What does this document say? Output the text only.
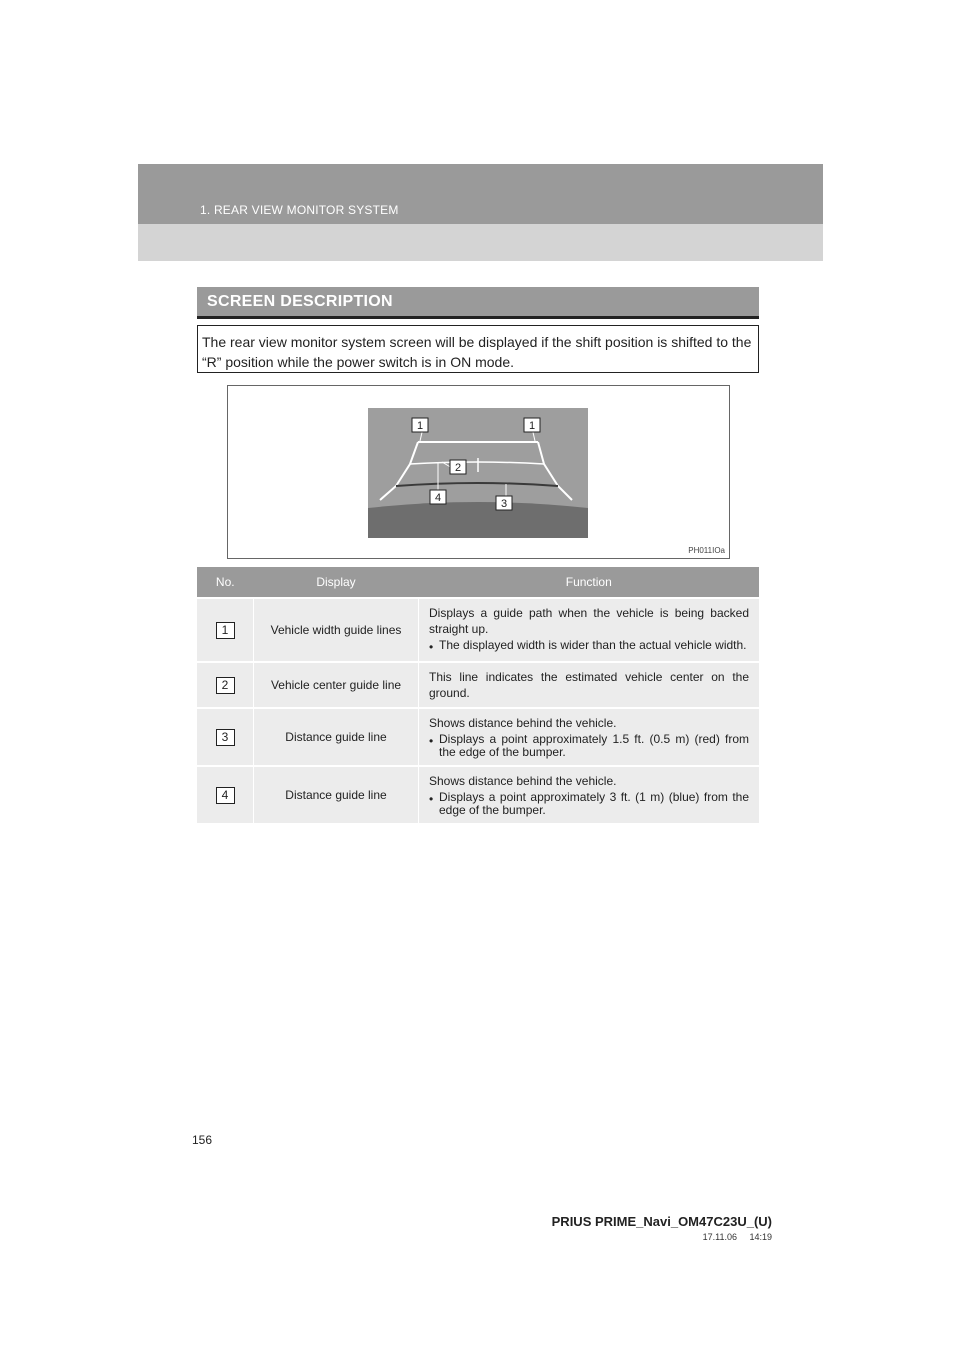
1. REAR VIEW MONITOR SYSTEM
SCREEN DESCRIPTION

The rear view monitor system screen will be displayed if the shift position is shifted to the “R” position while the power switch is in ON mode.

1	1
2
4	3
PH011IOa
No.	Display	Function
1	Vehicle width guide lines	Displays a guide path when the vehicle is being backed straight up.
• The displayed width is wider than the actual vehicle width.

2	Vehicle center guide line	This line indicates the estimated vehicle center on the ground.

3	Distance guide line	Shows distance behind the vehicle.
• Displays a point approximately 1.5 ft. (0.5 m) (red) from the edge of the bumper.

4	Distance guide line	Shows distance behind the vehicle.
• Displays a point approximately 3 ft. (1 m) (blue) from the edge of the bumper.
156
PRIUS PRIME_Navi_OM47C23U_(U)
17.11.06     14:19
